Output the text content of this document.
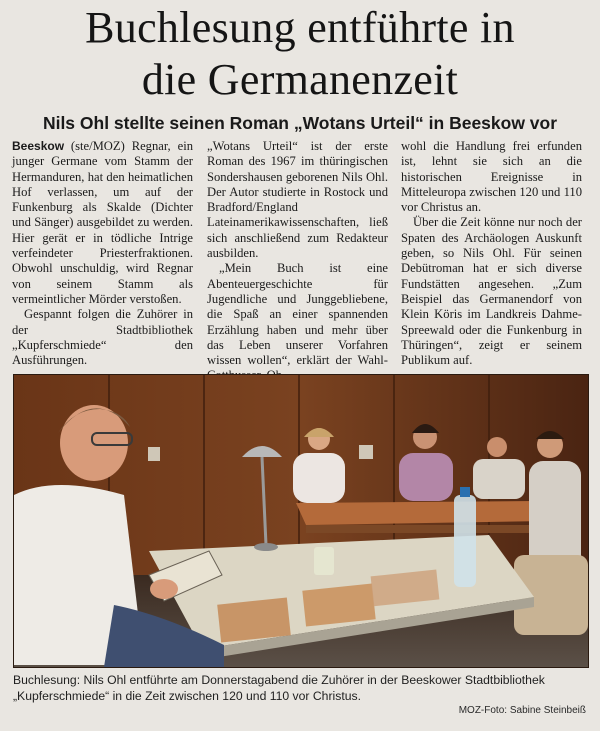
Buchlesung entführte in
die Germanenzeit
Nils Ohl stellte seinen Roman „Wotans Urteil“ in Beeskow vor

Beeskow (ste/MOZ) Regnar, ein junger Germane vom Stamm der Hermanduren, hat den heimatlichen Hof verlassen, um auf der Funkenburg als Skalde (Dichter und Sänger) ausgebildet zu werden. Hier gerät er in tödliche Intrige verfeindeter Priesterfraktionen. Obwohl unschuldig, wird Regnar von seinem Stamm als vermeintlicher Mörder verstoßen.

Gespannt folgen die Zuhörer in der Stadtbibliothek „Kupferschmiede“ den Ausführungen.

„Wotans Urteil“ ist der erste Roman des 1967 im thüringischen Sondershausen geborenen Nils Ohl. Der Autor studierte in Rostock und Bradford/England Lateinamerikawissenschaften, ließ sich anschließend zum Redakteur ausbilden.

„Mein Buch ist eine Abenteuergeschichte für Jugendliche und Junggebliebene, die Spaß an einer spannenden Erzählung haben und mehr über das Leben unserer Vorfahren wissen wollen“, erklärt der Wahl-

wohl die Handlung frei erfunden ist, lehnt sie sich an die historischen Ereignisse in Mitteleuropa zwischen 120 und 110 vor Christus an.

Über die Zeit könne nur noch der Spaten des Archäologen Auskunft geben, so Nils Ohl. Für seinen Debütroman hat er sich diverse Fundstätten angesehen. „Zum Beispiel das Germanendorf von Klein Köris im Landkreis Dahme-Spreewald oder die Funkenburg in Thüringen“, zeigt er seinem Publikum auf.

Buchlesung: Nils Ohl entführte am Donnerstagabend die Zuhörer in der Beeskower Stadtbibliothek „Kupferschmiede“ in die Zeit zwischen 120 und 110 vor Christus.
MOZ-Foto: Sabine Steinbeiß
